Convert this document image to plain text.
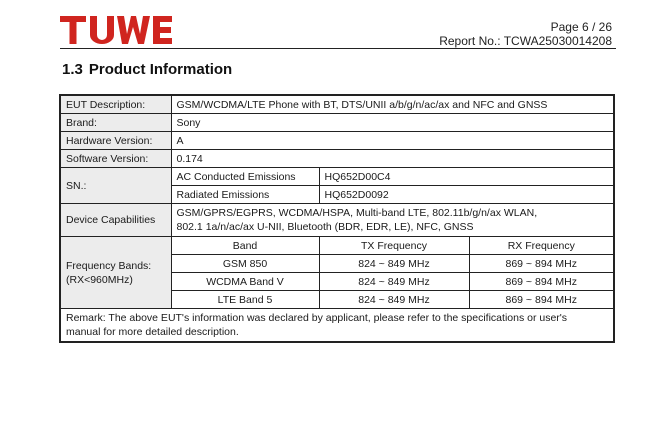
Page 6 / 26
Report No.: TCWA25030014208
1.3 Product Information
EUT Description:	GSM/WCDMA/LTE Phone with BT, DTS/UNII a/b/g/n/ac/ax and NFC and GNSS		
Brand:	Sony		
Hardware Version:	A		
Software Version:	0.174		
SN.:	AC Conducted Emissions	HQ652D00C4	
	Radiated Emissions	HQ652D0092	
Device Capabilities	GSM/GPRS/EGPRS, WCDMA/HSPA, Multi-band LTE, 802.11b/g/n/ax WLAN,
802.1 1a/n/ac/ax U-NII, Bluetooth (BDR, EDR, LE), NFC, GNSS		

Frequency Bands:
(RX<960MHz)	Band	TX Frequency	RX Frequency
	GSM 850	824 ~ 849 MHz	869 ~ 894 MHz
	WCDMA Band V	824 ~ 849 MHz	869 ~ 894 MHz
	LTE Band 5	824 ~ 849 MHz	869 ~ 894 MHz

Remark: The above EUT's information was declared by applicant, please refer to the specifications or user's
manual for more detailed description.			
